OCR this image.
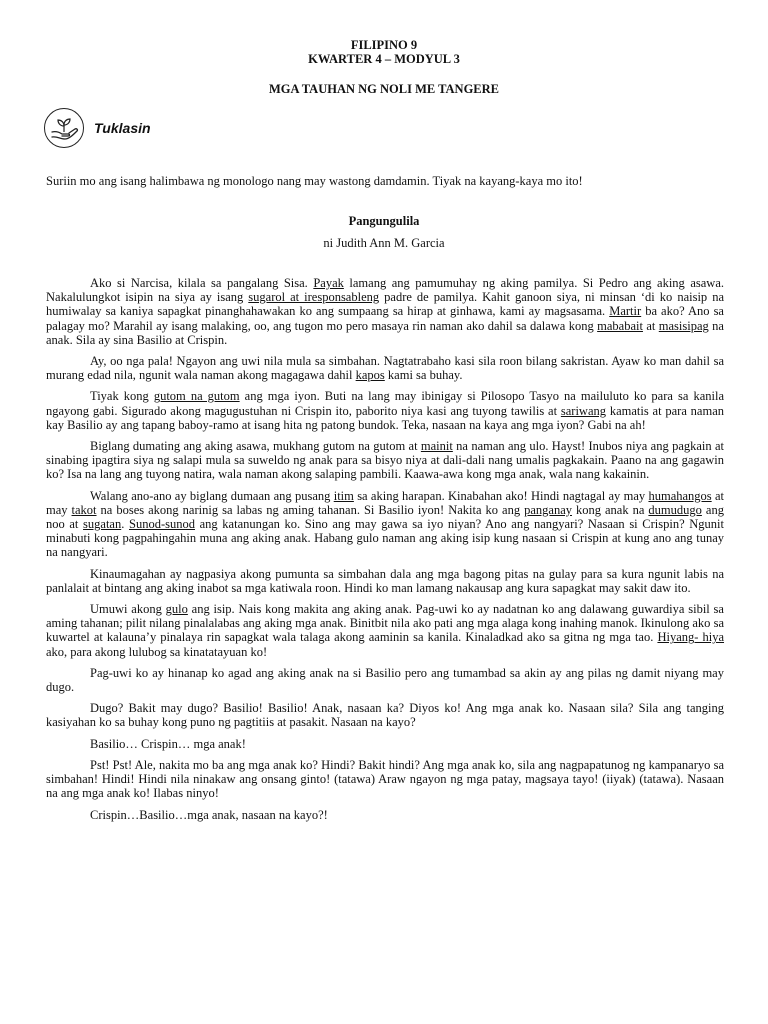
FILIPINO 9
KWARTER 4 – MODYUL 3
MGA TAUHAN NG NOLI ME TANGERE
Tuklasin
Suriin mo ang isang halimbawa ng monologo nang may wastong damdamin. Tiyak na kayang-kaya mo ito!
Pangungulila
ni Judith Ann M. Garcia

Ako si Narcisa, kilala sa pangalang Sisa. Payak lamang ang pamumuhay ng aking pamilya. Si Pedro ang aking asawa. Nakalulungkot isipin na siya ay isang sugarol at iresponsableng padre de pamilya. Kahit ganoon siya, ni minsan ‘di ko naisip na humiwalay sa kaniya sapagkat pinanghahawakan ko ang sumpaang sa hirap at ginhawa, kami ay magsasama. Martir ba ako? Ano sa palagay mo? Marahil ay isang malaking, oo, ang tugon mo pero masaya rin naman ako dahil sa dalawa kong mababait at masisipag na anak. Sila ay sina Basilio at Crispin.

Ay, oo nga pala! Ngayon ang uwi nila mula sa simbahan. Nagtatrabaho kasi sila roon bilang sakristan. Ayaw ko man dahil sa murang edad nila, ngunit wala naman akong magagawa dahil kapos kami sa buhay.

Tiyak kong gutom na gutom ang mga iyon. Buti na lang may ibinigay si Pilosopo Tasyo na mailuluto ko para sa kanila ngayong gabi. Sigurado akong magugustuhan ni Crispin ito, paborito niya kasi ang tuyong tawilis at sariwang kamatis at para naman kay Basilio ay ang tapang baboy-ramo at isang hita ng patong bundok. Teka, nasaan na kaya ang mga iyon? Gabi na ah!

Biglang dumating ang aking asawa, mukhang gutom na gutom at mainit na naman ang ulo. Hayst! Inubos niya ang pagkain at sinabing ipagtira siya ng salapi mula sa suweldo ng anak para sa bisyo niya at dali-dali nang umalis pagkakain. Paano na ang gagawin ko? Isa na lang ang tuyong natira, wala naman akong salaping pambili. Kaawa-awa kong mga anak, wala nang kakainin.

Walang ano-ano ay biglang dumaan ang pusang itim sa aking harapan. Kinabahan ako! Hindi nagtagal ay may humahangos at may takot na boses akong narinig sa labas ng aming tahanan. Si Basilio iyon! Nakita ko ang panganay kong anak na dumudugo ang noo at sugatan. Sunod-sunod ang katanungan ko. Sino ang may gawa sa iyo niyan? Ano ang nangyari? Nasaan si Crispin? Ngunit minabuti kong pagpahingahin muna ang aking anak. Habang gulo naman ang aking isip kung nasaan si Crispin at kung ano ang tunay na nangyari.

Kinaumagahan ay nagpasiya akong pumunta sa simbahan dala ang mga bagong pitas na gulay para sa kura ngunit labis na panlalait at bintang ang aking inabot sa mga katiwala roon. Hindi ko man lamang nakausap ang kura sapagkat may sakit daw ito.

Umuwi akong gulo ang isip. Nais kong makita ang aking anak. Pag-uwi ko ay nadatnan ko ang dalawang guwardiya sibil sa aming tahanan; pilit nilang pinalalabas ang aking mga anak. Binitbit nila ako pati ang mga alaga kong inahing manok. Ikinulong ako sa kuwartel at kalauna’y pinalaya rin sapagkat wala talaga akong aaminin sa kanila. Kinaladkad ako sa gitna ng mga tao. Hiyang- hiya ako, para akong lulubog sa kinatatayuan ko!

Pag-uwi ko ay hinanap ko agad ang aking anak na si Basilio pero ang tumambad sa akin ay ang pilas ng damit niyang may dugo.

Dugo? Bakit may dugo? Basilio! Basilio! Anak, nasaan ka? Diyos ko! Ang mga anak ko. Nasaan sila? Sila ang tanging kasiyahan ko sa buhay kong puno ng pagtitiis at pasakit. Nasaan na kayo?

Basilio… Crispin… mga anak!

Pst! Pst! Ale, nakita mo ba ang mga anak ko? Hindi? Bakit hindi? Ang mga anak ko, sila ang nagpapatunog ng kampanaryo sa simbahan! Hindi! Hindi nila ninakaw ang onsang ginto! (tatawa) Araw ngayon ng mga patay, magsaya tayo! (iiyak) (tatawa). Nasaan na ang mga anak ko! Ilabas ninyo!

Crispin…Basilio…mga anak, nasaan na kayo?!
